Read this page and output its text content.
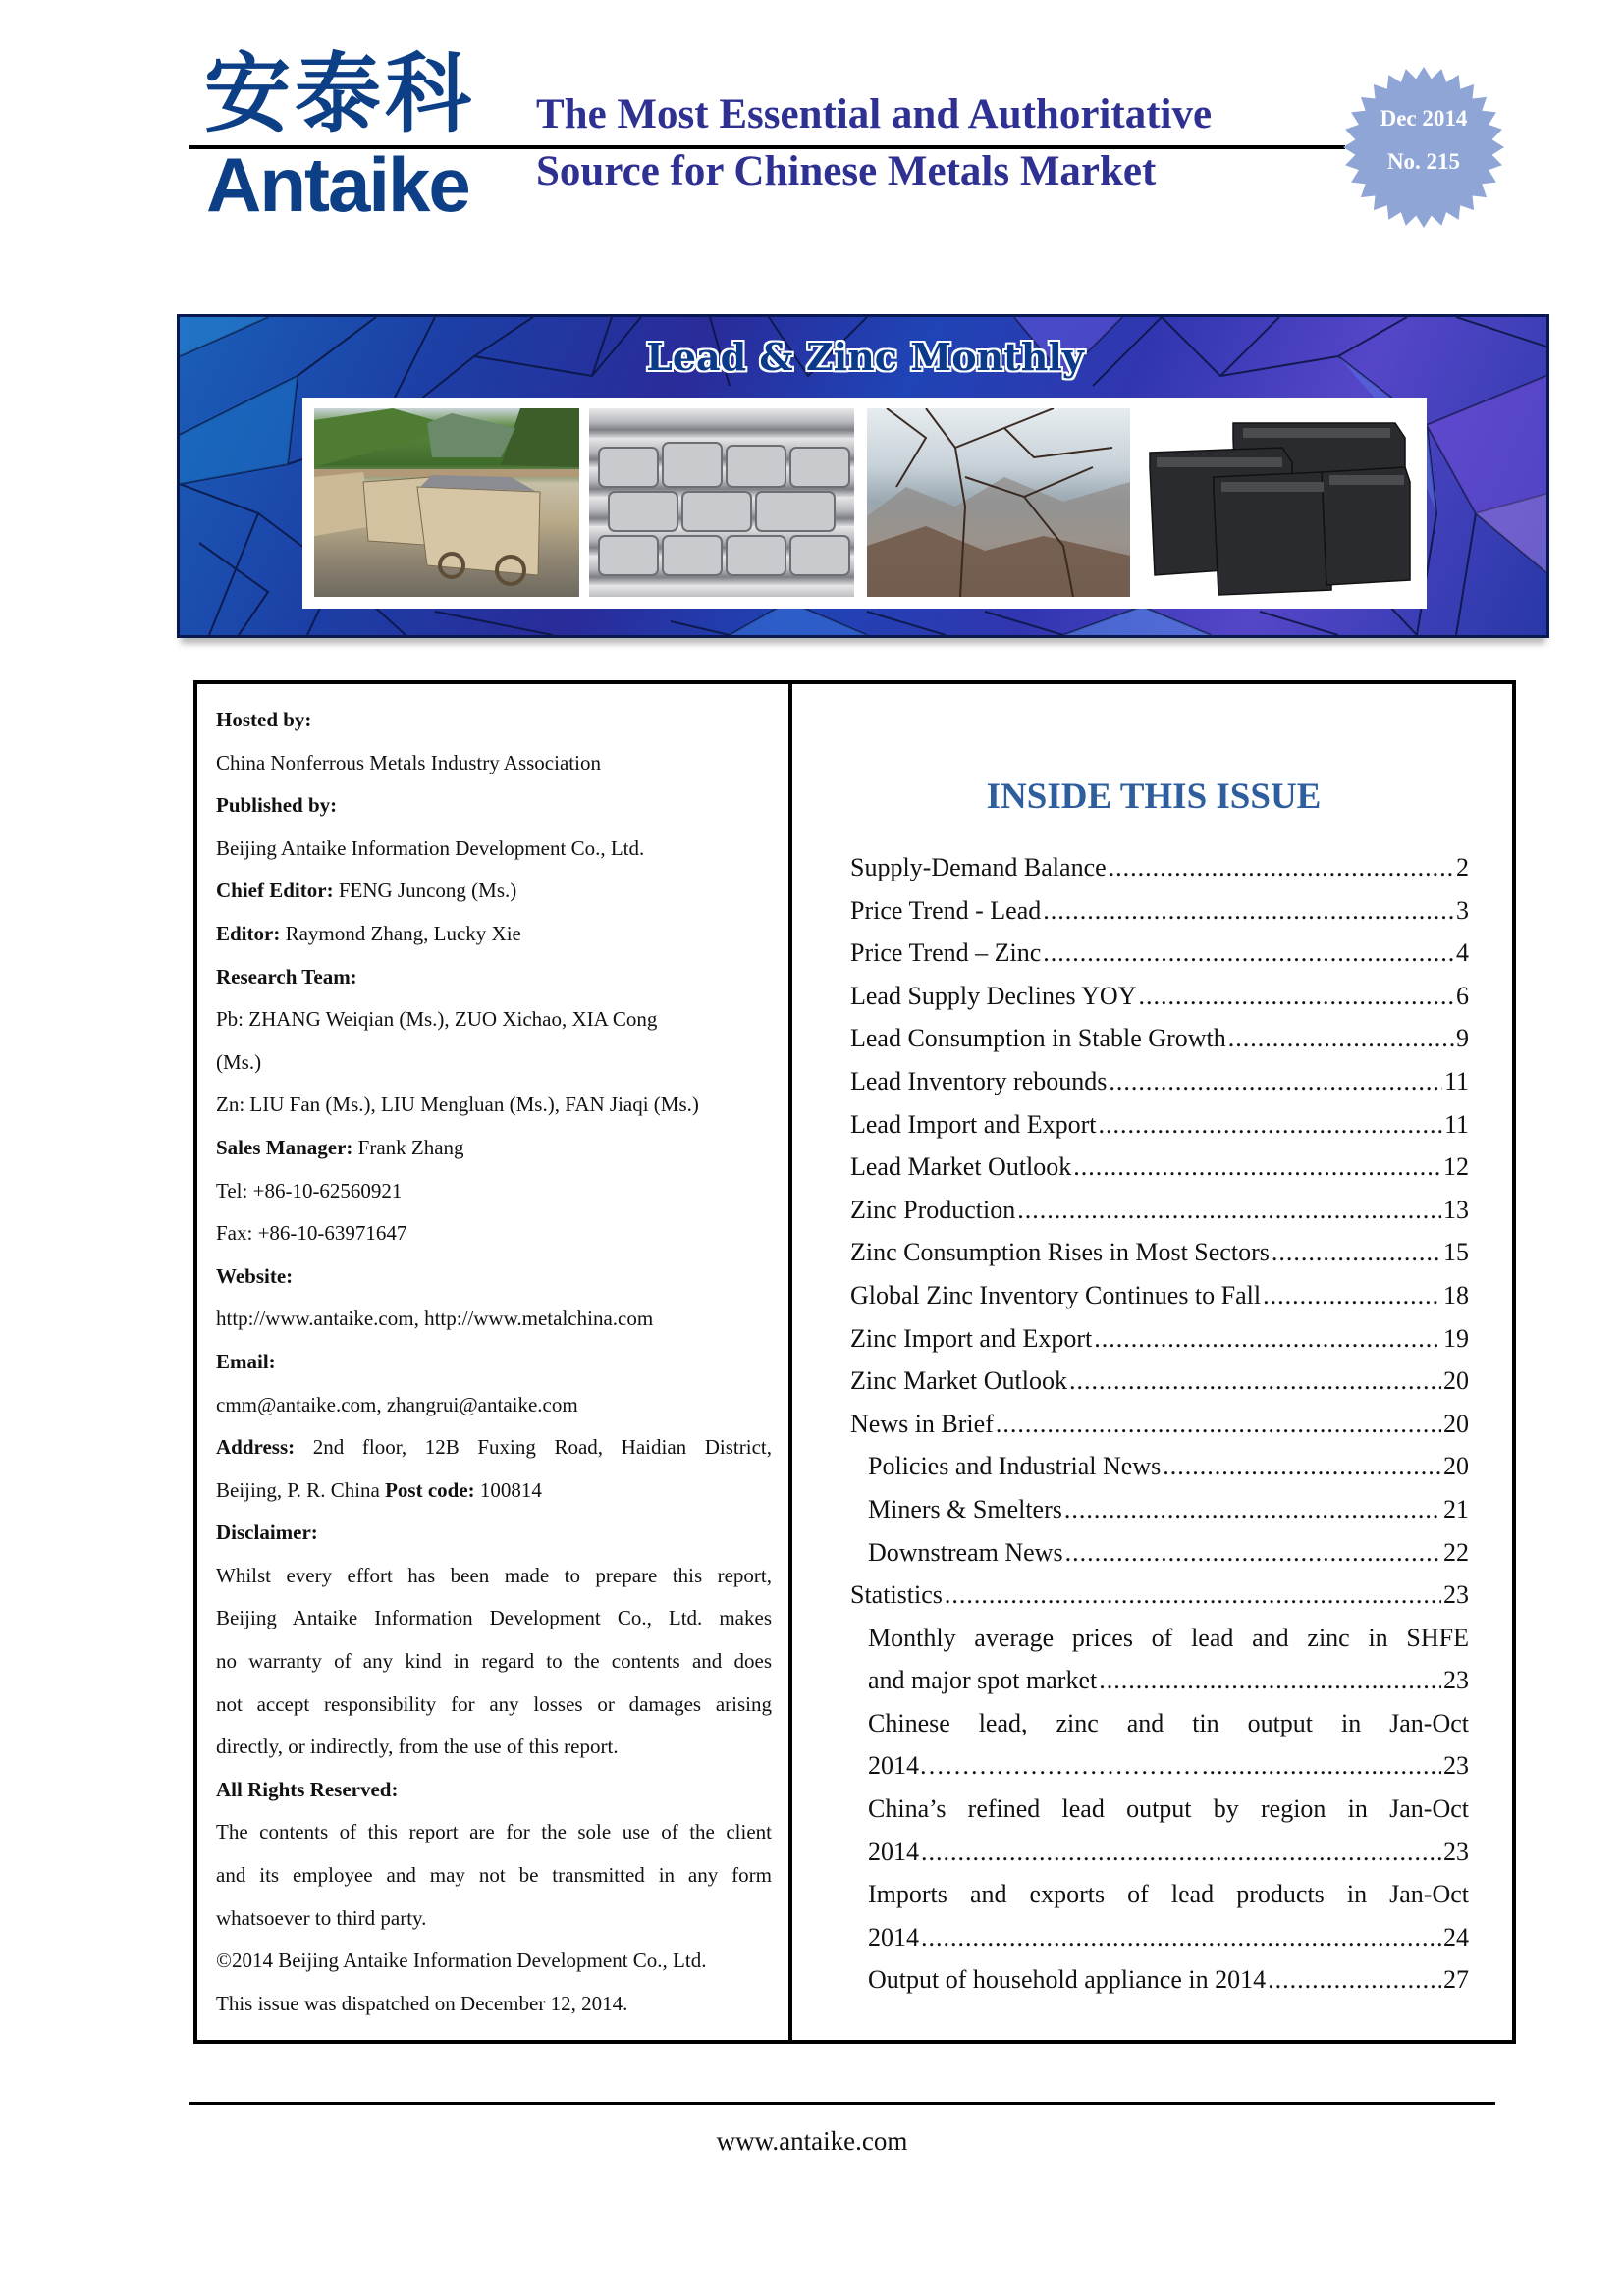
安泰科
Antaike
The Most Essential and Authoritative
Source for Chinese Metals Market
Dec 2014
No. 215
Lead & Zinc Monthly
Hosted by:
China Nonferrous Metals Industry Association
Published by:
Beijing Antaike Information Development Co., Ltd.
Chief Editor: FENG Juncong (Ms.)
Editor: Raymond Zhang, Lucky Xie
Research Team:
Pb: ZHANG Weiqian (Ms.), ZUO Xichao, XIA Cong
(Ms.)
Zn: LIU Fan (Ms.), LIU Mengluan (Ms.), FAN Jiaqi (Ms.)
Sales Manager: Frank Zhang
Tel: +86-10-62560921
Fax: +86-10-63971647
Website:
http://www.antaike.com, http://www.metalchina.com
Email:
cmm@antaike.com, zhangrui@antaike.com
Address: 2nd floor, 12B Fuxing Road, Haidian District,
Beijing, P. R. China Post code: 100814
Disclaimer:
Whilst every effort has been made to prepare this report,
Beijing Antaike Information Development Co., Ltd. makes
no warranty of any kind in regard to the contents and does
not accept responsibility for any losses or damages arising
directly, or indirectly, from the use of this report.
All Rights Reserved:
The contents of this report are for the sole use of the client
and its employee and may not be transmitted in any form
whatsoever to third party.
©2014 Beijing Antaike Information Development Co., Ltd.
This issue was dispatched on December 12, 2014.
INSIDE THIS ISSUE
Supply-Demand Balance .....	2
Price Trend - Lead .....	3
Price Trend – Zinc .....	4
Lead Supply Declines YOY .....	6
Lead Consumption in Stable Growth .....	9
Lead Inventory rebounds .....	11
Lead Import and Export .....	11
Lead Market Outlook .....	12
Zinc Production .....	13
Zinc Consumption Rises in Most Sectors .....	15
Global Zinc Inventory Continues to Fall .....	18
Zinc Import and Export .....	19
Zinc Market Outlook .....	20
News in Brief .....	20
Policies and Industrial News .....	20
Miners & Smelters .....	21
Downstream News .....	22
Statistics .....	23
Monthly average prices of lead and zinc in SHFE
and major spot market .....	23
Chinese lead, zinc and tin output in Jan-Oct
2014…………………………… .....	23
China’s refined lead output by region in Jan-Oct
2014 .....	23
Imports and exports of lead products in Jan-Oct
2014 .....	24
Output of household appliance in 2014 .....	27
www.antaike.com
